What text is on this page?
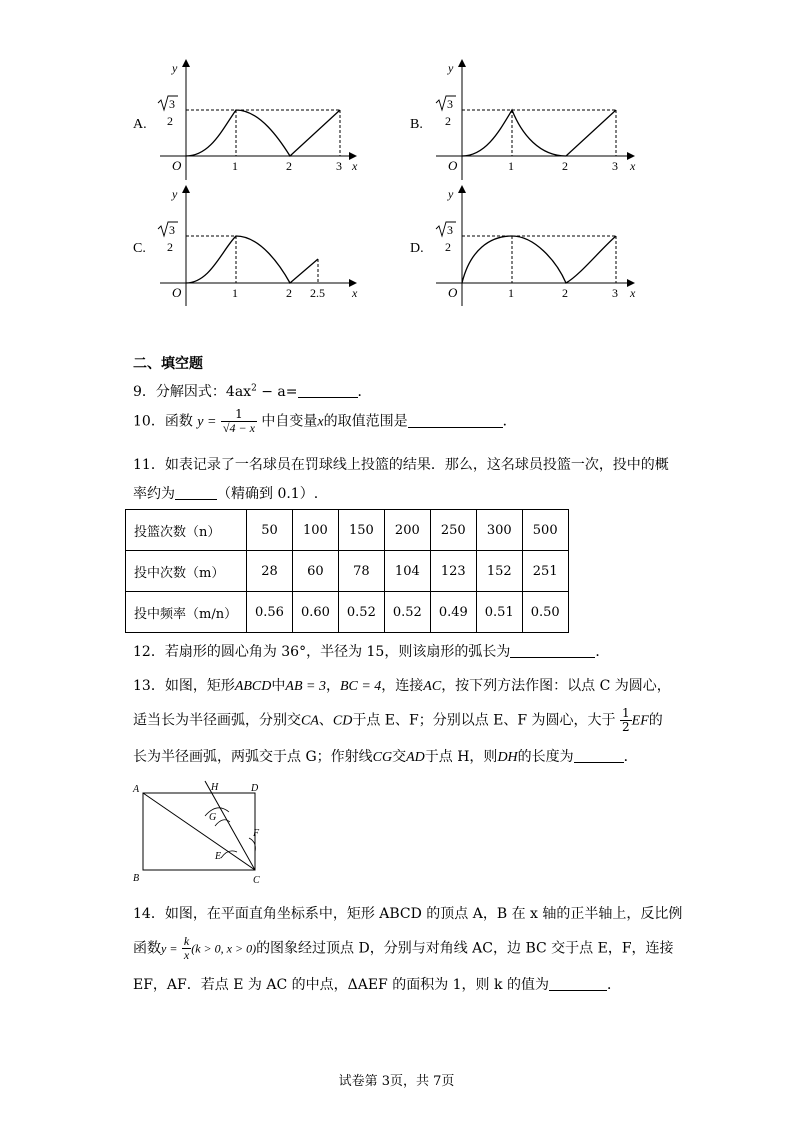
A.
y
x
O
3
2
1	2	3
B.
y
x
O
3
2
1	2	3
C.
y
x
O
3
2
1	2 2.5
D.
y
x
O
3
2
1	2	3
二、填空题
9．分解因式：$4ax^2 - a=$	．
10．函数 $y = \frac{1}{√4 - x}$ 中自变量x的取值范围是	．
11．如表记录了一名球员在罚球线上投篮的结果．那么，这名球员投篮一次，投中的概
率约为	（精确到 0.1）.
投篮次数（n）	50	100	150	200	250	300	500
投中次数（m）	28	60	78	104	123	152	251
投中频率（m/n）	0.56	0.60	0.52	0.52	0.49	0.51	0.50
12．若扇形的圆心角为 36°，半径为 15，则该扇形的弧长为	．
13．如图，矩形ABCD中AB = 3，BC = 4，连接AC，按下列方法作图：以点 C 为圆心，
适当长为半径画弧，分别交CA、CD于点 E、F；分别以点 E、F 为圆心，大于 $\frac{1}{2}$ EF的
长为半径画弧，两弧交于点 G；作射线CG交AD于点 H，则DH的长度为	．
A	D
B	C
H
G
F
E
14．如图，在平面直角坐标系中，矩形 ABCD 的顶点 A，B 在 x 轴的正半轴上，反比例
函数$y = \frac{k}{x} (k > 0$, x > 0)的图象经过顶点 D，分别与对角线 AC，边 BC 交于点 E，F，连接
EF，AF．若点 E 为 AC 的中点，ΔAEF 的面积为 1，则 k 的值为	．
试卷第 3页，共 7页
